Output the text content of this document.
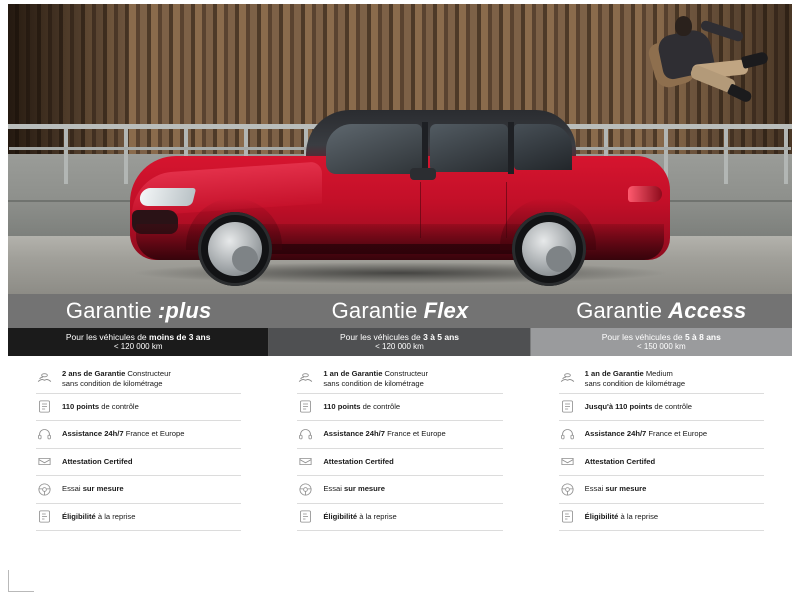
Garantie :plus	Garantie Flex	Garantie Access
Pour les véhicules de moins de 3 ans
< 120 000 km
Pour les véhicules de 3 à 5 ans
< 120 000 km
Pour les véhicules de 5 à 8 ans
< 150 000 km
2 ans de Garantie Constructeur
sans condition de kilométrage
110 points de contrôle
Assistance 24h/7 France et Europe
Attestation Certifed
Essai sur mesure
Éligibilité à la reprise
1 an de Garantie Constructeur
sans condition de kilométrage
110 points de contrôle
Assistance 24h/7 France et Europe
Attestation Certifed
Essai sur mesure
Éligibilité à la reprise
1 an de Garantie Medium
sans condition de kilométrage
Jusqu'à 110 points de contrôle
Assistance 24h/7 France et Europe
Attestation Certifed
Essai sur mesure
Éligibilité à la reprise
